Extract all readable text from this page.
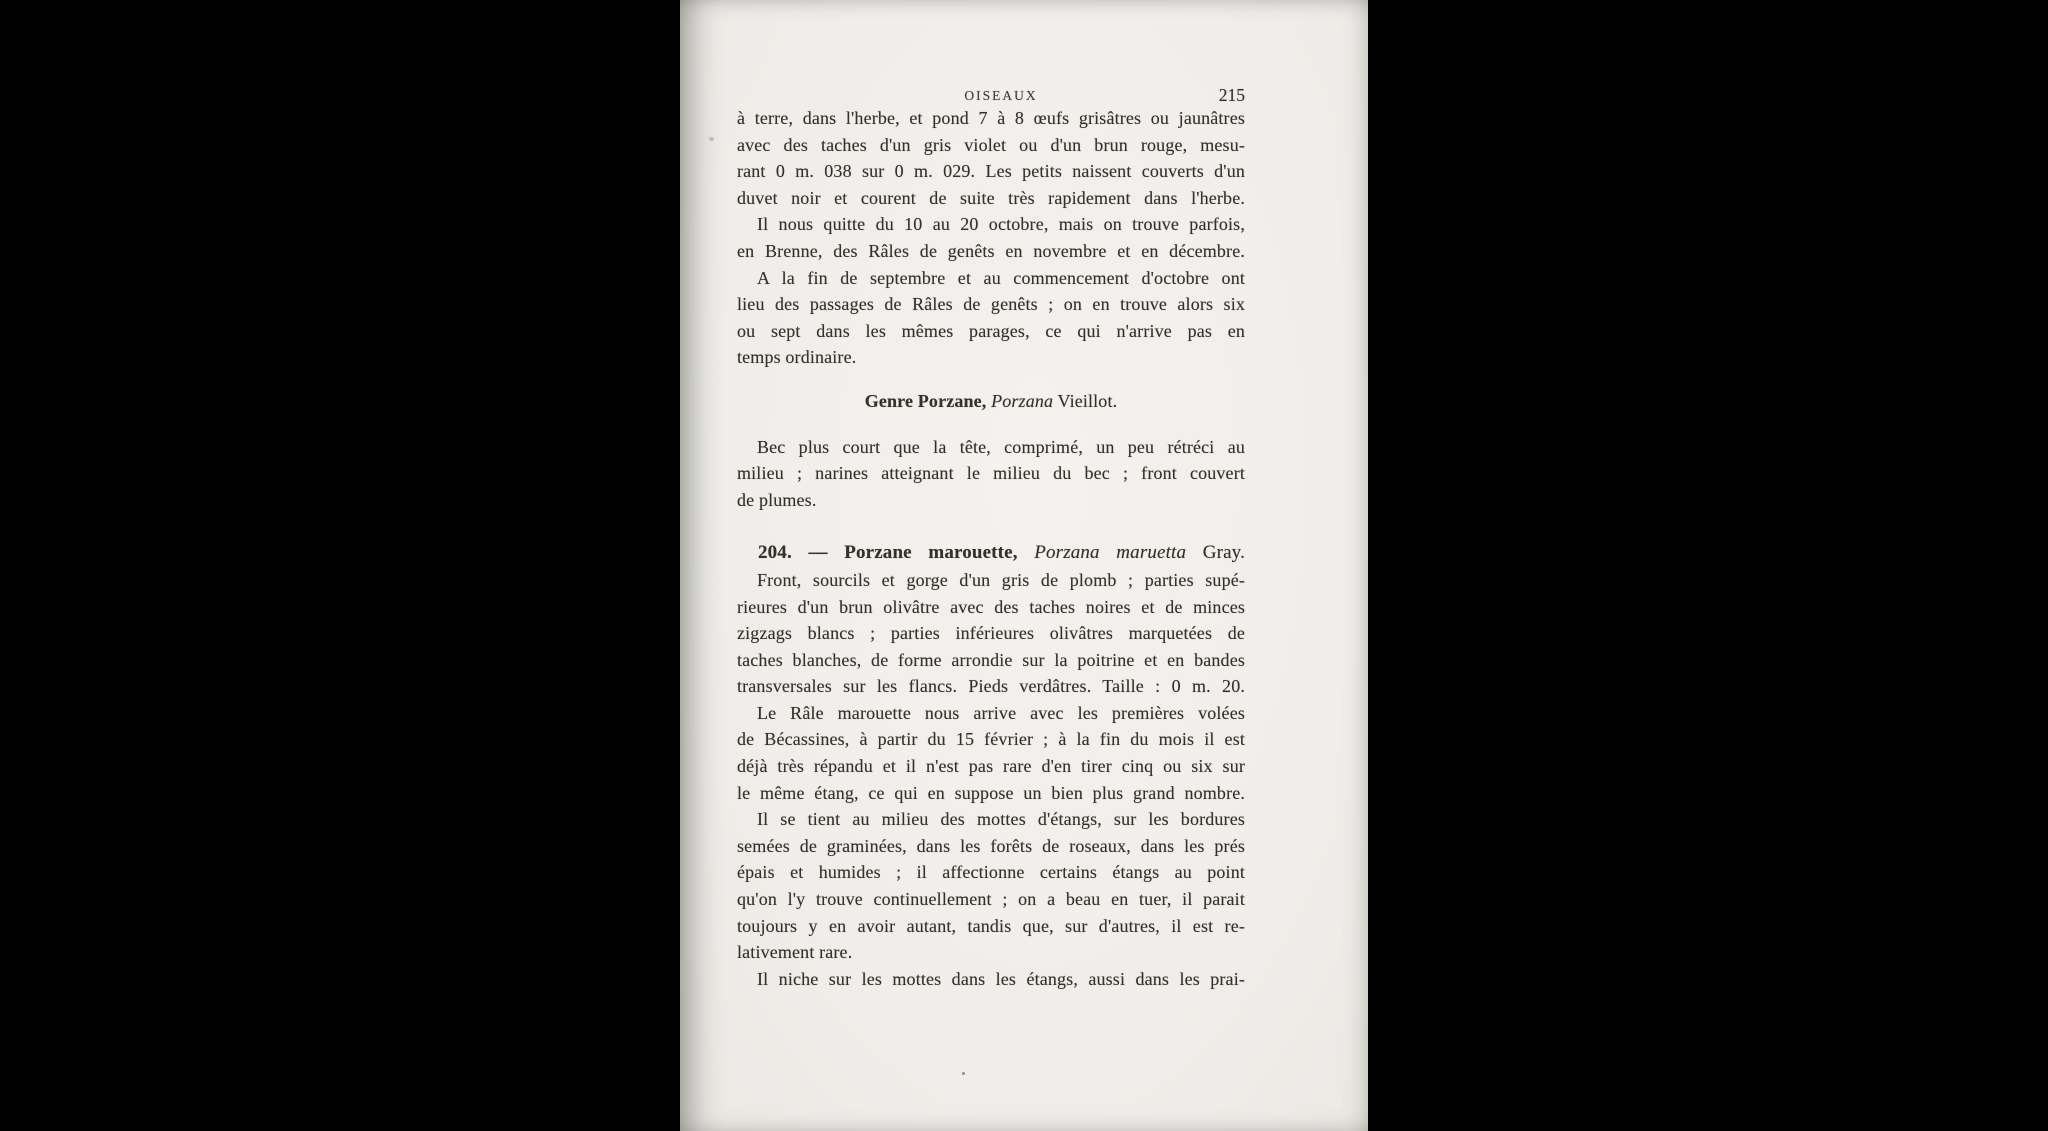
OISEAUX	215
à terre, dans l'herbe, et pond 7 à 8 œufs grisâtres ou jaunâtres
avec des taches d'un gris violet ou d'un brun rouge, mesu-
rant 0 m. 038 sur 0 m. 029. Les petits naissent couverts d'un
duvet noir et courent de suite très rapidement dans l'herbe.
Il nous quitte du 10 au 20 octobre, mais on trouve parfois,
en Brenne, des Râles de genêts en novembre et en décembre.
A la fin de septembre et au commencement d'octobre ont
lieu des passages de Râles de genêts ; on en trouve alors six
ou sept dans les mêmes parages, ce qui n'arrive pas en
temps ordinaire.
Genre Porzane, Porzana Vieillot.
Bec plus court que la tête, comprimé, un peu rétréci au
milieu ; narines atteignant le milieu du bec ; front couvert
de plumes.
204. — Porzane marouette, Porzana maruetta Gray.
Front, sourcils et gorge d'un gris de plomb ; parties supé-
rieures d'un brun olivâtre avec des taches noires et de minces
zigzags blancs ; parties inférieures olivâtres marquetées de
taches blanches, de forme arrondie sur la poitrine et en bandes
transversales sur les flancs. Pieds verdâtres. Taille : 0 m. 20.
Le Râle marouette nous arrive avec les premières volées
de Bécassines, à partir du 15 février ; à la fin du mois il est
déjà très répandu et il n'est pas rare d'en tirer cinq ou six sur
le même étang, ce qui en suppose un bien plus grand nombre.
Il se tient au milieu des mottes d'étangs, sur les bordures
semées de graminées, dans les forêts de roseaux, dans les prés
épais et humides ; il affectionne certains étangs au point
qu'on l'y trouve continuellement ; on a beau en tuer, il parait
toujours y en avoir autant, tandis que, sur d'autres, il est re-
lativement rare.
Il niche sur les mottes dans les étangs, aussi dans les prai-
